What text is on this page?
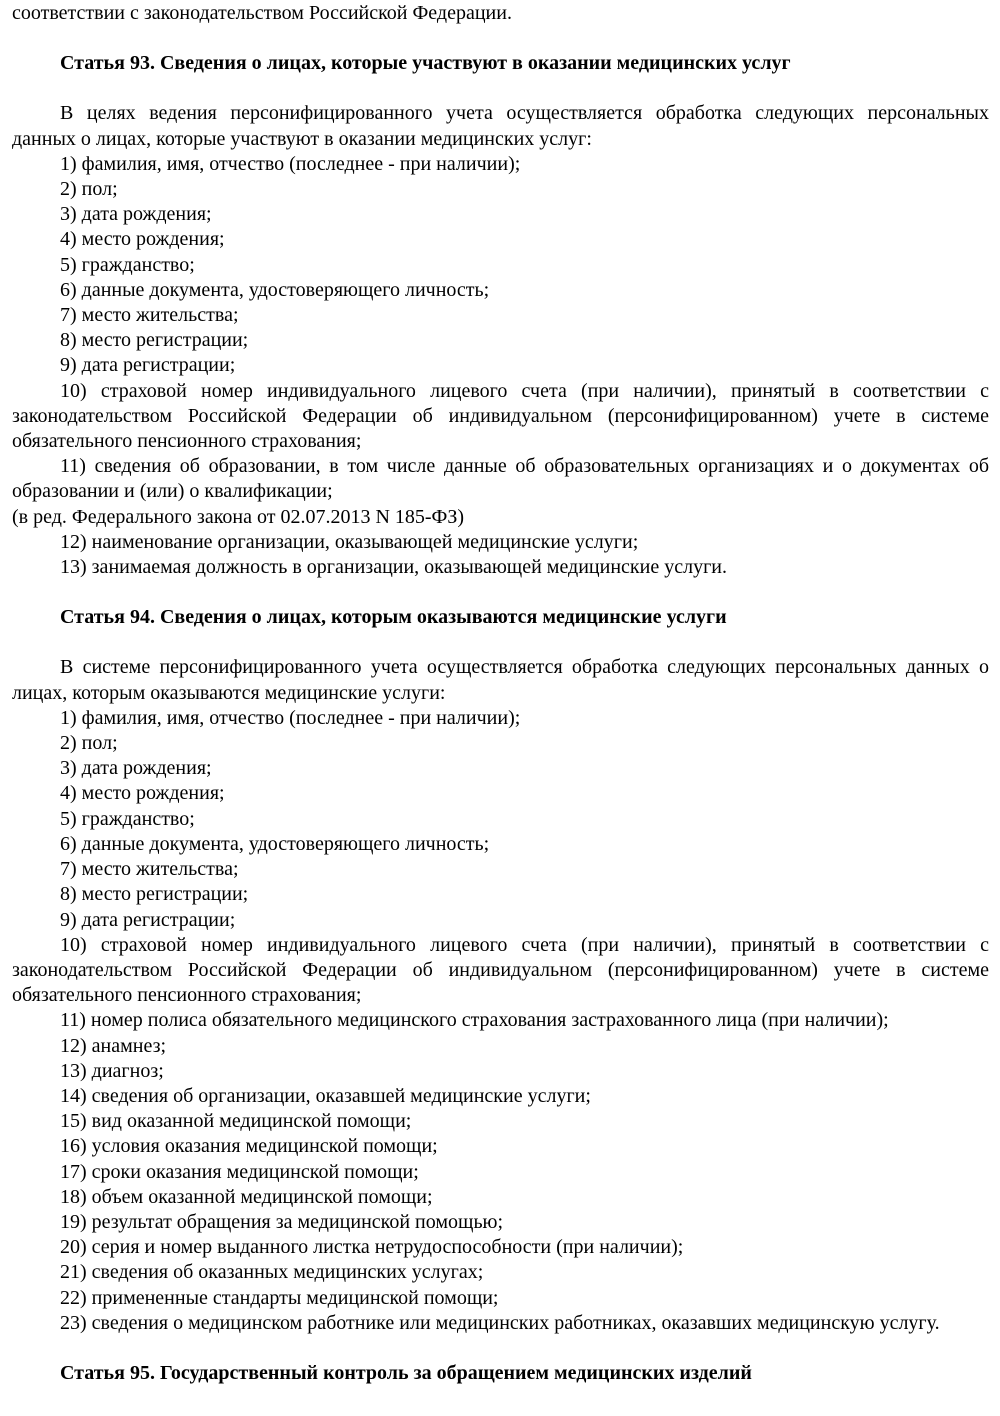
соответствии с законодательством Российской Федерации.

Статья 93. Сведения о лицах, которые участвуют в оказании медицинских услуг

В целях ведения персонифицированного учета осуществляется обработка следующих персональных данных о лицах, которые участвуют в оказании медицинских услуг:

1) фамилия, имя, отчество (последнее - при наличии);

2) пол;

3) дата рождения;

4) место рождения;

5) гражданство;

6) данные документа, удостоверяющего личность;

7) место жительства;

8) место регистрации;

9) дата регистрации;

10) страховой номер индивидуального лицевого счета (при наличии), принятый в соответствии с законодательством Российской Федерации об индивидуальном (персонифицированном) учете в системе обязательного пенсионного страхования;

11) сведения об образовании, в том числе данные об образовательных организациях и о документах об образовании и (или) о квалификации;

(в ред. Федерального закона от 02.07.2013 N 185-ФЗ)

12) наименование организации, оказывающей медицинские услуги;

13) занимаемая должность в организации, оказывающей медицинские услуги.

Статья 94. Сведения о лицах, которым оказываются медицинские услуги

В системе персонифицированного учета осуществляется обработка следующих персональных данных о лицах, которым оказываются медицинские услуги:

1) фамилия, имя, отчество (последнее - при наличии);

2) пол;

3) дата рождения;

4) место рождения;

5) гражданство;

6) данные документа, удостоверяющего личность;

7) место жительства;

8) место регистрации;

9) дата регистрации;

10) страховой номер индивидуального лицевого счета (при наличии), принятый в соответствии с законодательством Российской Федерации об индивидуальном (персонифицированном) учете в системе обязательного пенсионного страхования;

11) номер полиса обязательного медицинского страхования застрахованного лица (при наличии);

12) анамнез;

13) диагноз;

14) сведения об организации, оказавшей медицинские услуги;

15) вид оказанной медицинской помощи;

16) условия оказания медицинской помощи;

17) сроки оказания медицинской помощи;

18) объем оказанной медицинской помощи;

19) результат обращения за медицинской помощью;

20) серия и номер выданного листка нетрудоспособности (при наличии);

21) сведения об оказанных медицинских услугах;

22) примененные стандарты медицинской помощи;

23) сведения о медицинском работнике или медицинских работниках, оказавших медицинскую услугу.

Статья 95. Государственный контроль за обращением медицинских изделий
